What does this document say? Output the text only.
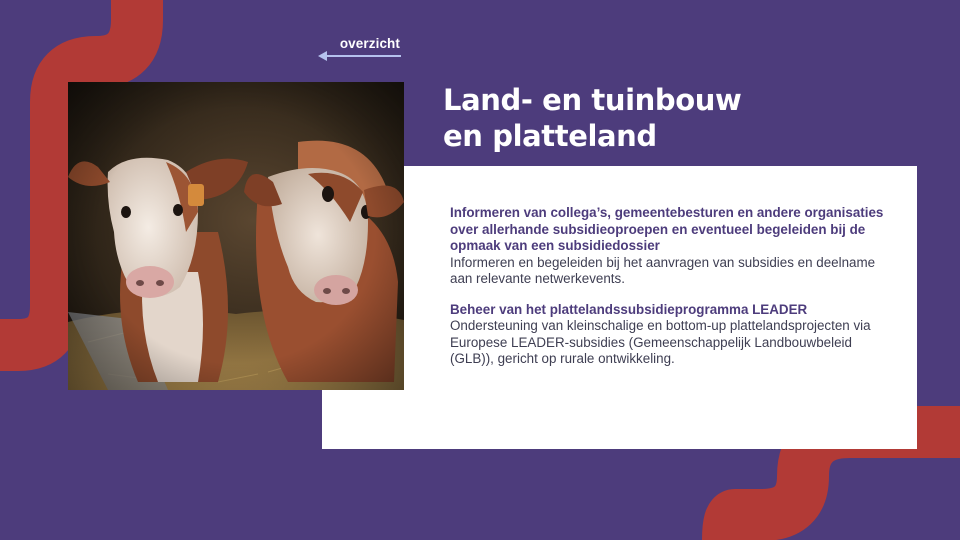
overzicht
Land- en tuinbouw
en platteland

Informeren van collega’s, gemeentebesturen en andere organisaties over allerhande subsidieoproepen en eventueel begeleiden bij de opmaak van een subsidiedossier

Informeren en begeleiden bij het aanvragen van subsidies en deelname aan relevante netwerkevents.

Beheer van het plattelandssubsidieprogramma LEADER

Ondersteuning van kleinschalige en bottom-up plattelandsprojecten via Europese LEADER-subsidies (Gemeenschappelijk Landbouwbeleid (GLB)), gericht op rurale ontwikkeling.
